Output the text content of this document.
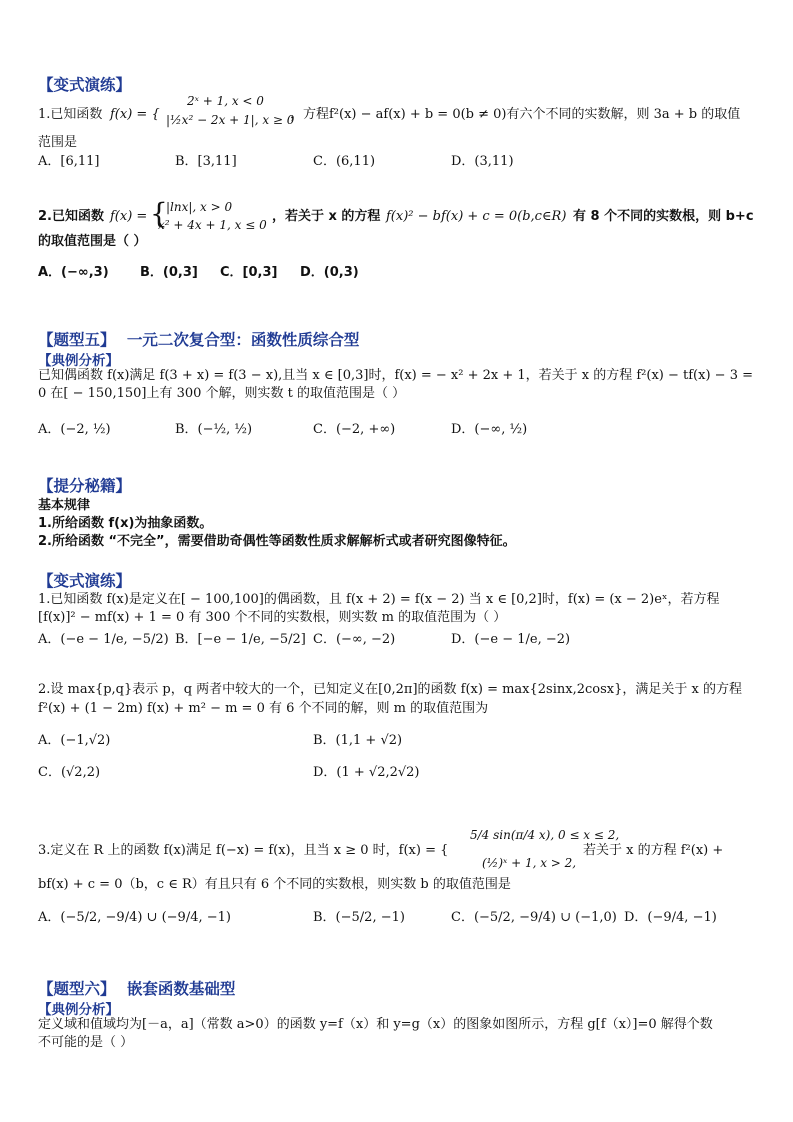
【变式演练】
1.已知函数 f(x) = {
2ˣ + 1, x < 0
|½x² − 2x + 1|, x ≥ 0
，方程f²(x) − af(x) + b = 0(b ≠ 0)有六个不同的实数解，则 3a + b 的取值
范围是
A．[6,11]	B．[3,11]	C．(6,11)	D．(3,11)
2.已知函数 f(x) = {
|lnx|, x > 0
x² + 4x + 1, x ≤ 0
，若关于 x 的方程 f(x)² − bf(x) + c = 0(b,c∈R) 有 8 个不同的实数根，则 b+c
的取值范围是（ ）
A．(−∞,3) B．(0,3] C．[0,3] D．(0,3)
【题型五】 一元二次复合型：函数性质综合型
【典例分析】
已知偶函数 f(x)满足 f(3 + x) = f(3 − x),且当 x ∈ [0,3]时，f(x) = − x² + 2x + 1，若关于 x 的方程 f²(x) − tf(x) − 3 =
0 在[ − 150,150]上有 300 个解，则实数 t 的取值范围是（ ）
A．(−2, ½)	B．(−½, ½)	C．(−2, +∞)	D．(−∞, ½)
【提分秘籍】
基本规律
1.所给函数 f(x)为抽象函数。
2.所给函数 “不完全”，需要借助奇偶性等函数性质求解解析式或者研究图像特征。
【变式演练】
1.已知函数 f(x)是定义在[ − 100,100]的偶函数，且 f(x + 2) = f(x − 2) 当 x ∈ [0,2]时，f(x) = (x − 2)eˣ，若方程
[f(x)]² − mf(x) + 1 = 0 有 300 个不同的实数根，则实数 m 的取值范围为（ ）
A．(−e − 1/e, −5/2) B．[−e − 1/e, −5/2] C．(−∞, −2)	D．(−e − 1/e, −2)
2.设 max{p,q}表示 p，q 两者中较大的一个，已知定义在[0,2π]的函数 f(x) = max{2sinx,2cosx}，满足关于 x 的方程
f²(x) + (1 − 2m) f(x) + m² − m = 0 有 6 个不同的解，则 m 的取值范围为
A．(−1,√2)	B．(1,1 + √2)
C．(√2,2)	D．(1 + √2,2√2)
3.定义在 R 上的函数 f(x)满足 f(−x) = f(x)，且当 x ≥ 0 时，f(x) = {
5/4 sin(π/4 x), 0 ≤ x ≤ 2,
(½)ˣ + 1, x > 2,
若关于 x 的方程 f²(x) +
bf(x) + c = 0（b，c ∈ R）有且只有 6 个不同的实数根，则实数 b 的取值范围是
A．(−5/2, −9/4) ∪ (−9/4, −1)	B．(−5/2, −1)	C．(−5/2, −9/4) ∪ (−1,0) D．(−9/4, −1)
【题型六】 嵌套函数基础型
【典例分析】
定义域和值域均为[－a，a]（常数 a>0）的函数 y=f（x）和 y=g（x）的图象如图所示，方程 g[f（x）]=0 解得个数
不可能的是（ ）
